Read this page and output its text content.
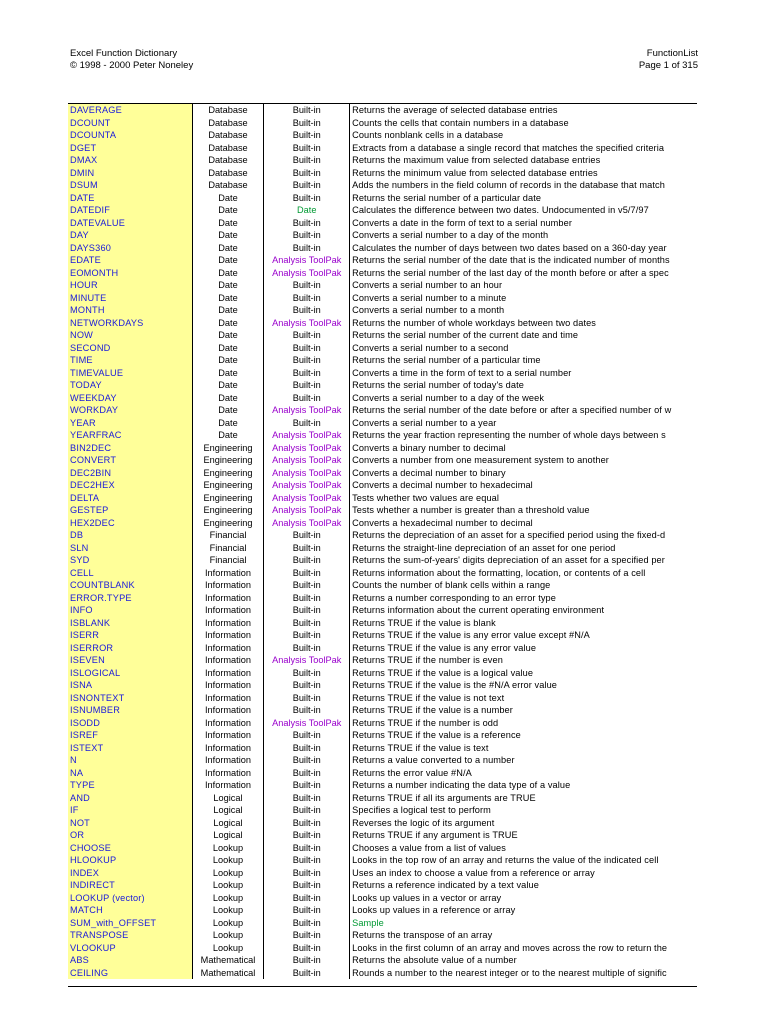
Excel Function Dictionary
© 1998 - 2000 Peter Noneley
FunctionList
Page 1 of 315
DAVERAGE	Database	Built-in	Returns the average of selected database entries
DCOUNT	Database	Built-in	Counts the cells that contain numbers in a database
DCOUNTA	Database	Built-in	Counts nonblank cells in a database
DGET	Database	Built-in	Extracts from a database a single record that matches the specified criteria
DMAX	Database	Built-in	Returns the maximum value from selected database entries
DMIN	Database	Built-in	Returns the minimum value from selected database entries
DSUM	Database	Built-in	Adds the numbers in the field column of records in the database that match
DATE	Date	Built-in	Returns the serial number of a particular date
DATEDIF	Date	Date	Calculates the difference between two dates. Undocumented in v5/7/97
DATEVALUE	Date	Built-in	Converts a date in the form of text to a serial number
DAY	Date	Built-in	Converts a serial number to a day of the month
DAYS360	Date	Built-in	Calculates the number of days between two dates based on a 360-day year
EDATE	Date	Analysis ToolPak	Returns the serial number of the date that is the indicated number of months
EOMONTH	Date	Analysis ToolPak	Returns the serial number of the last day of the month before or after a spec
HOUR	Date	Built-in	Converts a serial number to an hour
MINUTE	Date	Built-in	Converts a serial number to a minute
MONTH	Date	Built-in	Converts a serial number to a month
NETWORKDAYS	Date	Analysis ToolPak	Returns the number of whole workdays between two dates
NOW	Date	Built-in	Returns the serial number of the current date and time
SECOND	Date	Built-in	Converts a serial number to a second
TIME	Date	Built-in	Returns the serial number of a particular time
TIMEVALUE	Date	Built-in	Converts a time in the form of text to a serial number
TODAY	Date	Built-in	Returns the serial number of today's date
WEEKDAY	Date	Built-in	Converts a serial number to a day of the week
WORKDAY	Date	Analysis ToolPak	Returns the serial number of the date before or after a specified number of w
YEAR	Date	Built-in	Converts a serial number to a year
YEARFRAC	Date	Analysis ToolPak	Returns the year fraction representing the number of whole days between s
BIN2DEC	Engineering	Analysis ToolPak	Converts a binary number to decimal
CONVERT	Engineering	Analysis ToolPak	Converts a number from one measurement system to another
DEC2BIN	Engineering	Analysis ToolPak	Converts a decimal number to binary
DEC2HEX	Engineering	Analysis ToolPak	Converts a decimal number to hexadecimal
DELTA	Engineering	Analysis ToolPak	Tests whether two values are equal
GESTEP	Engineering	Analysis ToolPak	Tests whether a number is greater than a threshold value
HEX2DEC	Engineering	Analysis ToolPak	Converts a hexadecimal number to decimal
DB	Financial	Built-in	Returns the depreciation of an asset for a specified period using the fixed-d
SLN	Financial	Built-in	Returns the straight-line depreciation of an asset for one period
SYD	Financial	Built-in	Returns the sum-of-years' digits depreciation of an asset for a specified per
CELL	Information	Built-in	Returns information about the formatting, location, or contents of a cell
COUNTBLANK	Information	Built-in	Counts the number of blank cells within a range
ERROR.TYPE	Information	Built-in	Returns a number corresponding to an error type
INFO	Information	Built-in	Returns information about the current operating environment
ISBLANK	Information	Built-in	Returns TRUE if the value is blank
ISERR	Information	Built-in	Returns TRUE if the value is any error value except #N/A
ISERROR	Information	Built-in	Returns TRUE if the value is any error value
ISEVEN	Information	Analysis ToolPak	Returns TRUE if the number is even
ISLOGICAL	Information	Built-in	Returns TRUE if the value is a logical value
ISNA	Information	Built-in	Returns TRUE if the value is the #N/A error value
ISNONTEXT	Information	Built-in	Returns TRUE if the value is not text
ISNUMBER	Information	Built-in	Returns TRUE if the value is a number
ISODD	Information	Analysis ToolPak	Returns TRUE if the number is odd
ISREF	Information	Built-in	Returns TRUE if the value is a reference
ISTEXT	Information	Built-in	Returns TRUE if the value is text
N	Information	Built-in	Returns a value converted to a number
NA	Information	Built-in	Returns the error value #N/A
TYPE	Information	Built-in	Returns a number indicating the data type of a value
AND	Logical	Built-in	Returns TRUE if all its arguments are TRUE
IF	Logical	Built-in	Specifies a logical test to perform
NOT	Logical	Built-in	Reverses the logic of its argument
OR	Logical	Built-in	Returns TRUE if any argument is TRUE
CHOOSE	Lookup	Built-in	Chooses a value from a list of values
HLOOKUP	Lookup	Built-in	Looks in the top row of an array and returns the value of the indicated cell
INDEX	Lookup	Built-in	Uses an index to choose a value from a reference or array
INDIRECT	Lookup	Built-in	Returns a reference indicated by a text value
LOOKUP (vector)	Lookup	Built-in	Looks up values in a vector or array
MATCH	Lookup	Built-in	Looks up values in a reference or array
SUM_with_OFFSET	Lookup	Built-in	Sample
TRANSPOSE	Lookup	Built-in	Returns the transpose of an array
VLOOKUP	Lookup	Built-in	Looks in the first column of an array and moves across the row to return the
ABS	Mathematical	Built-in	Returns the absolute value of a number
CEILING	Mathematical	Built-in	Rounds a number to the nearest integer or to the nearest multiple of signific
